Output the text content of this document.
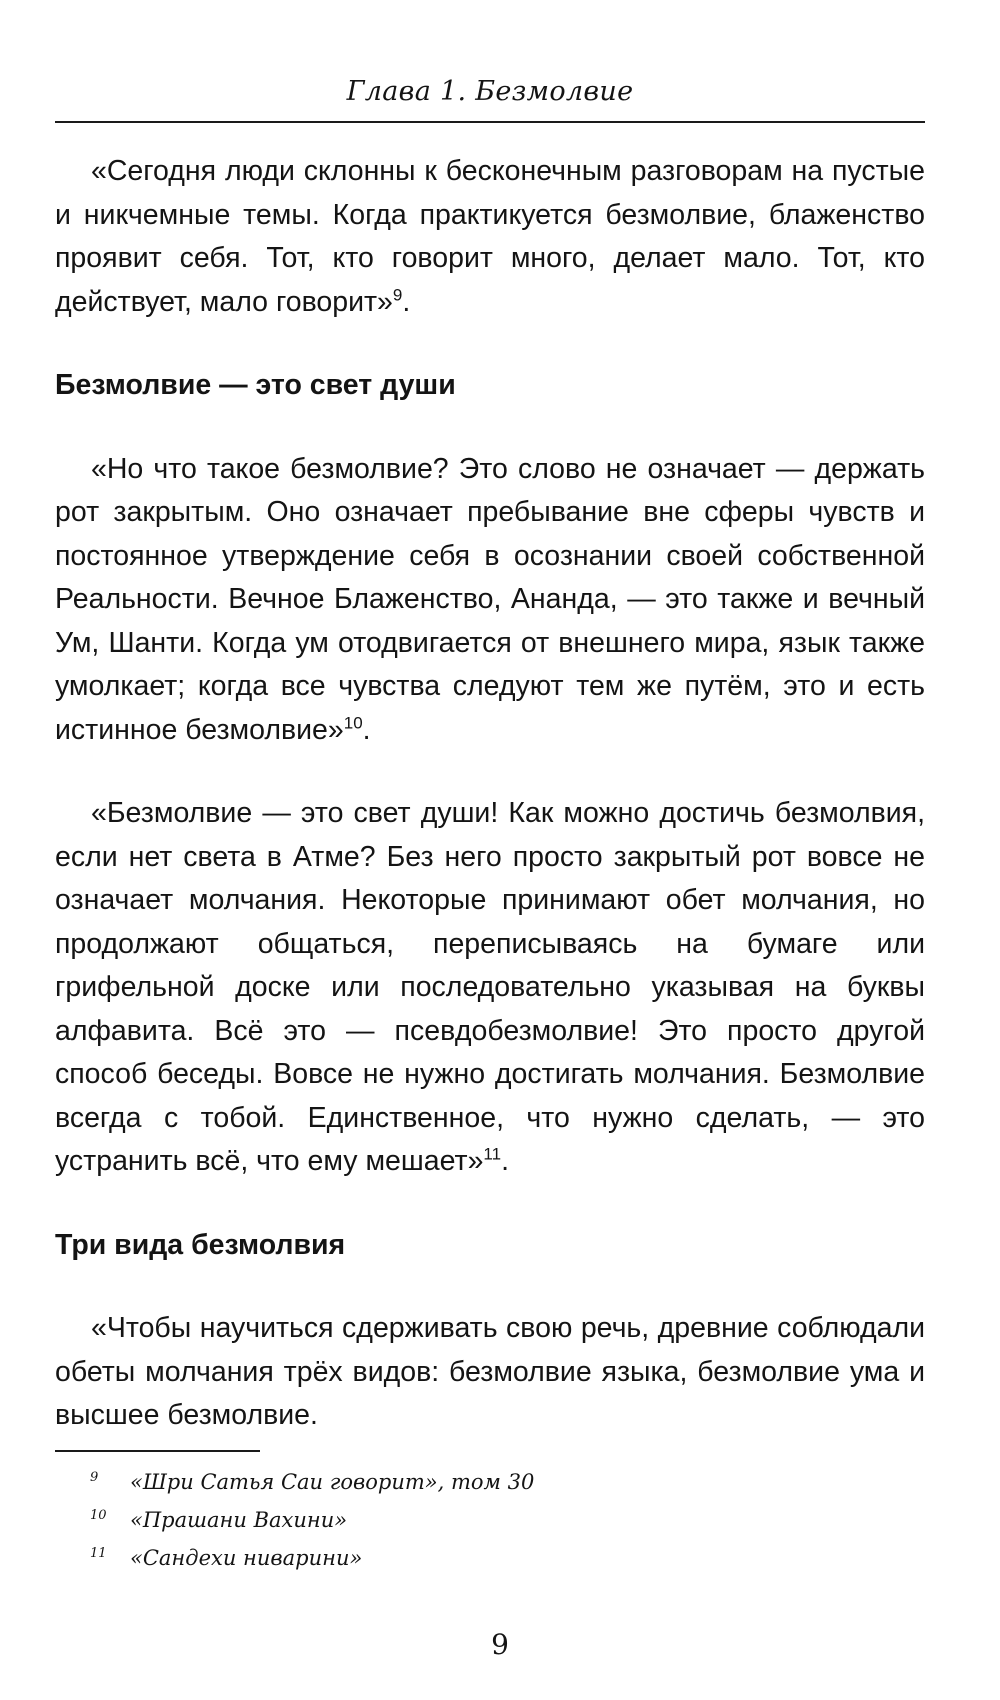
Глава 1. Безмолвие

«Сегодня люди склонны к бесконечным разговорам на пустые и никчемные темы. Когда практикуется безмолвие, блаженство проявит себя. Тот, кто говорит много, делает мало. Тот, кто действует, мало говорит»$^9$.

Безмолвие — это свет души

«Но что такое безмолвие? Это слово не означает — держать рот закрытым. Оно означает пребывание вне сферы чувств и постоянное утверждение себя в осознании своей собственной Реальности. Вечное Блаженство, Ананда, — это также и вечный Ум, Шанти. Когда ум отодвигается от внешнего мира, язык также умолкает; когда все чувства следуют тем же путём, это и есть истинное безмолвие»$^{10}$.

«Безмолвие — это свет души! Как можно достичь безмолвия, если нет света в Атме? Без него просто закрытый рот вовсе не означает молчания. Некоторые принимают обет молчания, но продолжают общаться, переписываясь на бумаге или грифельной доске или последовательно указывая на буквы алфавита. Всё это — псевдобезмолвие! Это просто другой способ беседы. Вовсе не нужно достигать молчания. Безмолвие всегда с тобой. Единственное, что нужно сделать, — это устранить всё, что ему мешает»$^{11}$.

Три вида безмолвия

«Чтобы научиться сдерживать свою речь, древние соблюдали обеты молчания трёх видов: безмолвие языка, безмолвие ума и высшее безмолвие.

9	«Шри Сатья Саи говорит», том 30
10	«Прашани Вахини»
11	«Сандехи ниварини»
9
